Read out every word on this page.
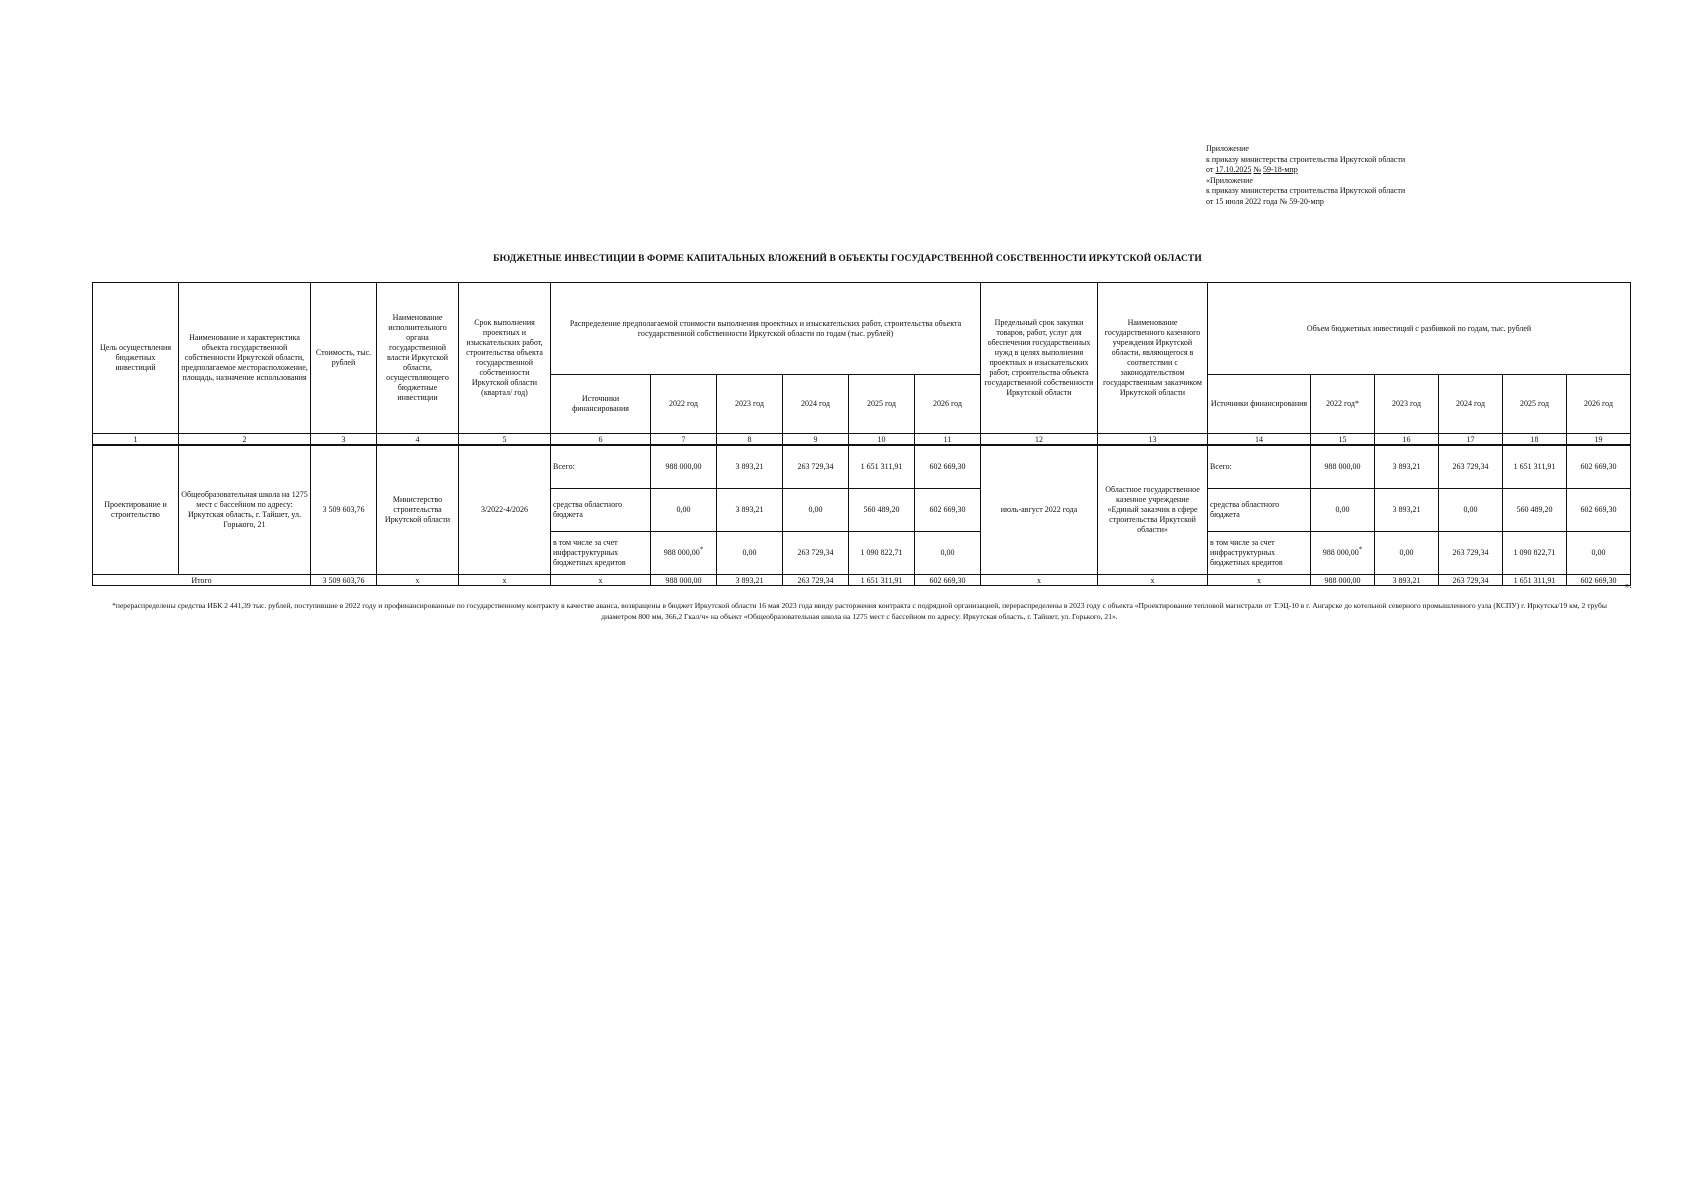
Приложение
к приказу министерства строительства Иркутской области
от 17.10.2025 № 59-18-мпр
«Приложение
к приказу министерства строительства Иркутской области
от 15 июля 2022 года № 59-20-мпр
БЮДЖЕТНЫЕ ИНВЕСТИЦИИ В ФОРМЕ КАПИТАЛЬНЫХ ВЛОЖЕНИЙ В ОБЪЕКТЫ ГОСУДАРСТВЕННОЙ СОБСТВЕННОСТИ ИРКУТСКОЙ ОБЛАСТИ
Цель осуществления бюджетных инвестиций	Наименование и характеристика объекта государственной собственности Иркутской области, предполагаемое месторасположение, площадь, назначение использования	Стоимость, тыс. рублей	Наименование исполнительного органа государственной власти Иркутской области, осуществляющего бюджетные инвестиции	Срок выполнения проектных и изыскательских работ, строительства объекта государственной собственности Иркутской области (квартал/ год)	Распределение предполагаемой стоимости выполнения проектных и изыскательских работ, строительства объекта государственной собственности Иркутской области по годам (тыс. рублей)						Предельный срок закупки товаров, работ, услуг для обеспечения государственных нужд в целях выполнения проектных и изыскательских работ, строительства объекта государственной собственности Иркутской области	Наименование государственного казенного учреждения Иркутской области, являющегося в соответствии с законодательством государственным заказчиком Иркутской области	Объем бюджетных инвестиций с разбивкой по годам, тыс. рублей					
					Источники финансирования	2022 год	2023 год	2024 год	2025 год	2026 год			Источники финансирования	2022 год*	2023 год	2024 год	2025 год	2026 год
1	2	3	4	5	6	7	8	9	10	11	12	13	14	15	16	17	18	19
Проектирование и строительство	Общеобразовательная школа на 1275 мест с бассейном по адресу: Иркутская область, г. Тайшет, ул. Горького, 21	3 509 603,76	Министерство строительства Иркутской области	3/2022-4/2026	Всего:	988 000,00	3 893,21	263 729,34	1 651 311,91	602 669,30	июль-август 2022 года	Областное государственное казенное учреждение «Единый заказчик в сфере строительства Иркутской области»	Всего:	988 000,00	3 893,21	263 729,34	1 651 311,91	602 669,30
					средства областного бюджета	0,00	3 893,21	0,00	560 489,20	602 669,30			средства областного бюджета	0,00	3 893,21	0,00	560 489,20	602 669,30
					в том числе за счет инфраструктурных бюджетных кредитов	988 000,00*	0,00	263 729,34	1 090 822,71	0,00			в том числе за счет инфраструктурных бюджетных кредитов	988 000,00*	0,00	263 729,34	1 090 822,71	0,00
Итого		3 509 603,76	x	x	x	988 000,00	3 893,21	263 729,34	1 651 311,91	602 669,30	x	x	x	988 000,00	3 893,21	263 729,34	1 651 311,91	602 669,30 ».
*перераспределены средства ИБК 2 441,39 тыс. рублей, поступившие в 2022 году и профинансированные по государственному контракту в качестве аванса, возвращены в бюджет Иркутской области 16 мая 2023 года ввиду расторжения контракта с подрядной организацией, перераспределены в 2023 году с объекта «Проектирование тепловой магистрали от ТЭЦ-10 в г. Ангарске до котельной северного промышленного узла (КСПУ) г. Иркутска/19 км, 2 трубы диаметром 800 мм, 366,2 Гкал/ч» на объект «Общеобразовательная школа на 1275 мест с бассейном по адресу: Иркутская область, г. Тайшет, ул. Горького, 21».
